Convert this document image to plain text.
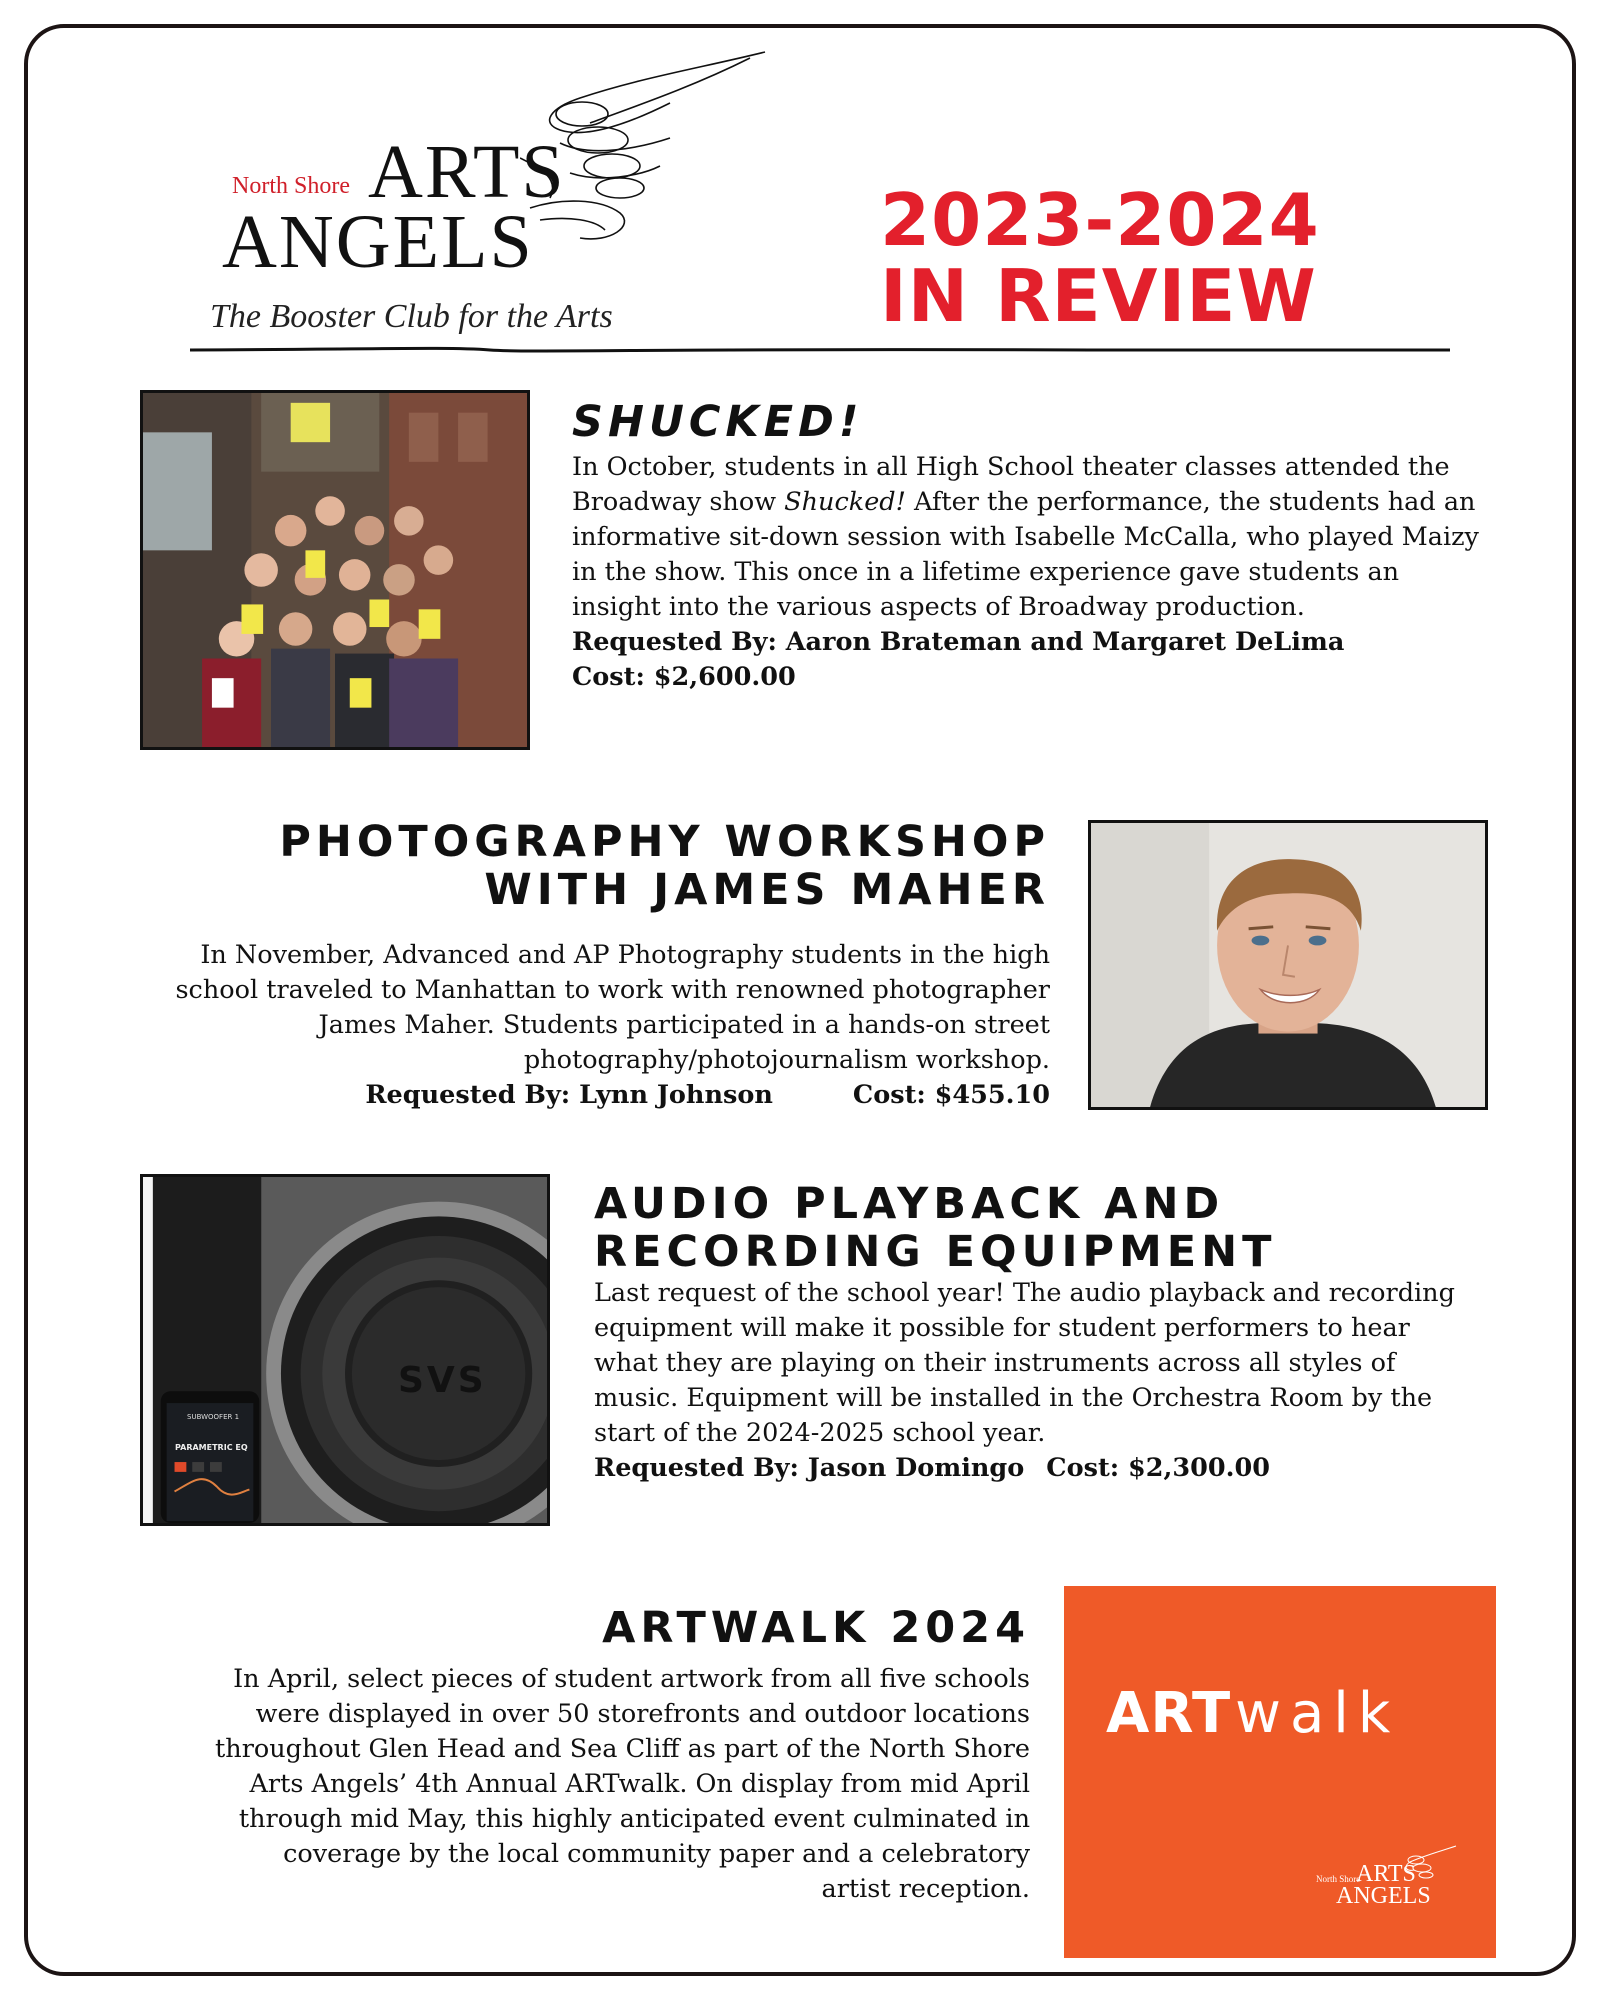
North Shore ARTS
ANGELS
The Booster Club for the Arts
2023-2024
IN REVIEW
SHUCKED!

In October, students in all High School theater classes attended the Broadway show Shucked! After the performance, the students had an informative sit-down session with Isabelle McCalla, who played Maizy in the show. This once in a lifetime experience gave students an insight into the various aspects of Broadway production.

Requested By: Aaron Brateman and Margaret DeLima

Cost: $2,600.00

PHOTOGRAPHY WORKSHOP
WITH JAMES MAHER

In November, Advanced and AP Photography students in the high school traveled to Manhattan to work with renowned photographer James Maher. Students participated in a hands-on street photography/photojournalism workshop.

Requested By: Lynn Johnson	Cost: $455.10

SVS
SUBWOOFER 1
PARAMETRIC EQ
AUDIO PLAYBACK AND
RECORDING EQUIPMENT

Last request of the school year! The audio playback and recording equipment will make it possible for student performers to hear what they are playing on their instruments across all styles of music. Equipment will be installed in the Orchestra Room by the start of the 2024-2025 school year.

Requested By: Jason Domingo Cost: $2,300.00

ARTWALK 2024

In April, select pieces of student artwork from all five schools were displayed in over 50 storefronts and outdoor locations throughout Glen Head and Sea Cliff as part of the North Shore Arts Angels’ 4th Annual ARTwalk. On display from mid April through mid May, this highly anticipated event culminated in coverage by the local community paper and a celebratory artist reception.

ARTwalk
North Shore
ARTS
ANGELS
